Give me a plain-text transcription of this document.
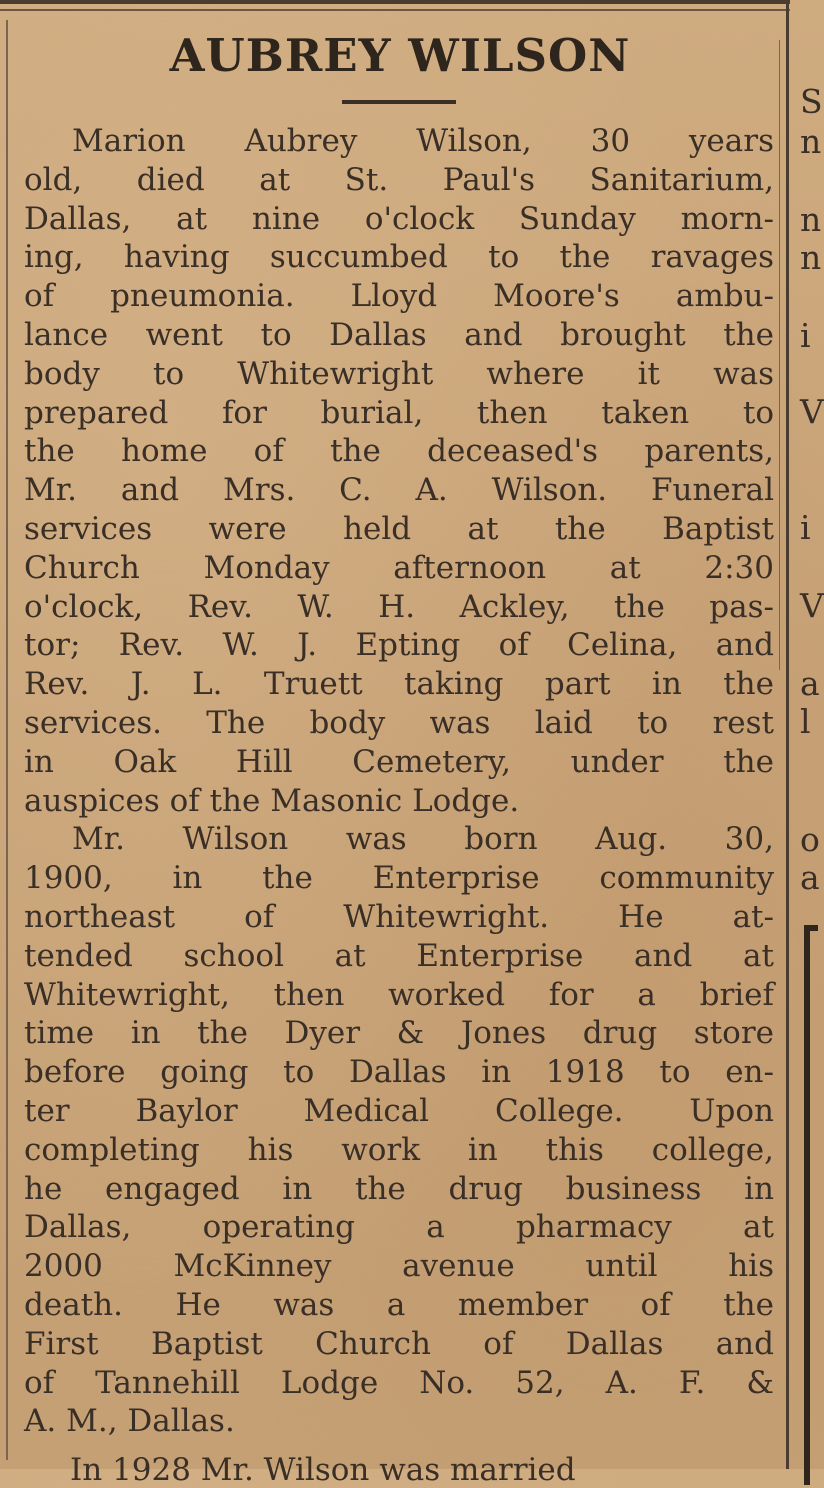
S
n
n
n
i
V
i
V
a
l
o
a
AUBREY WILSON
Marion Aubrey Wilson, 30 years
old, died at St. Paul's Sanitarium,
Dallas, at nine o'clock Sunday morn-
ing, having succumbed to the ravages
of pneumonia. Lloyd Moore's ambu-
lance went to Dallas and brought the
body to Whitewright where it was
prepared for burial, then taken to
the home of the deceased's parents,
Mr. and Mrs. C. A. Wilson. Funeral
services were held at the Baptist
Church Monday afternoon at 2:30
o'clock, Rev. W. H. Ackley, the pas-
tor; Rev. W. J. Epting of Celina, and
Rev. J. L. Truett taking part in the
services. The body was laid to rest
in Oak Hill Cemetery, under the
auspices of the Masonic Lodge.
Mr. Wilson was born Aug. 30,
1900, in the Enterprise community
northeast of Whitewright. He at-
tended school at Enterprise and at
Whitewright, then worked for a brief
time in the Dyer & Jones drug store
before going to Dallas in 1918 to en-
ter Baylor Medical College. Upon
completing his work in this college,
he engaged in the drug business in
Dallas, operating a pharmacy at
2000 McKinney avenue until his
death. He was a member of the
First Baptist Church of Dallas and
of Tannehill Lodge No. 52, A. F. &
A. M., Dallas.
In 1928 Mr. Wilson was married
